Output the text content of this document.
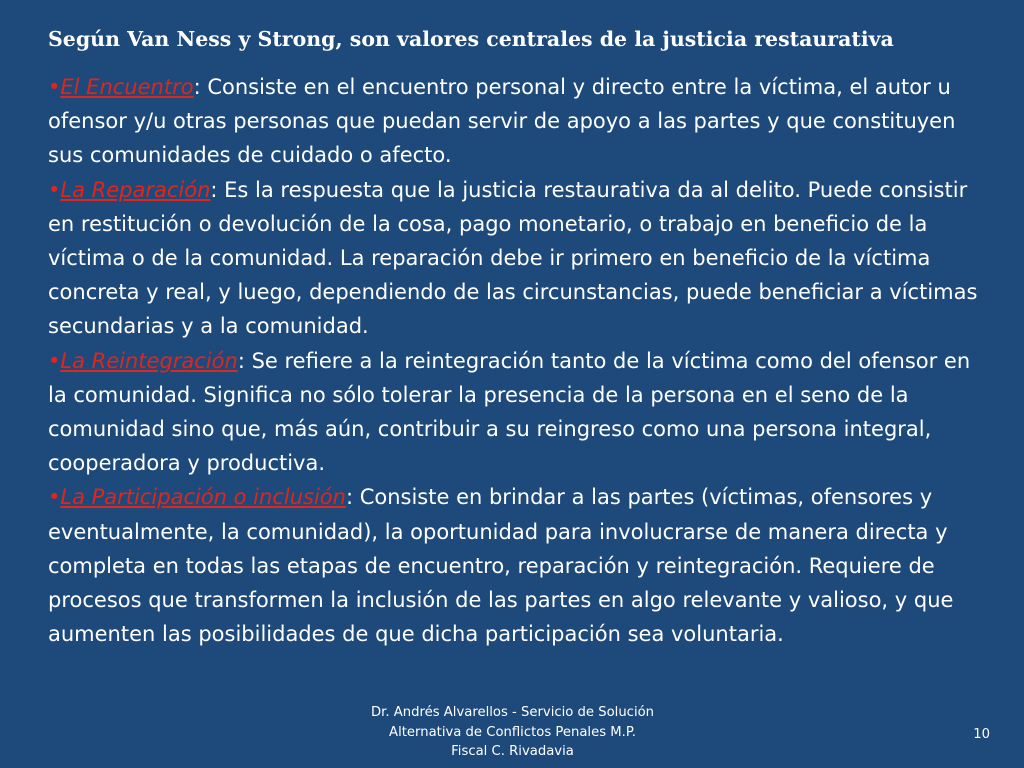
Según Van Ness y Strong, son valores centrales de la justicia restaurativa

•El Encuentro: Consiste en el encuentro personal y directo entre la víctima, el autor u ofensor y/u otras personas que puedan servir de apoyo a las partes y que constituyen sus comunidades de cuidado o afecto.

•La Reparación: Es la respuesta que la justicia restaurativa da al delito. Puede consistir en restitución o devolución de la cosa, pago monetario, o trabajo en beneficio de la víctima o de la comunidad. La reparación debe ir primero en beneficio de la víctima concreta y real, y luego, dependiendo de las circunstancias, puede beneficiar a víctimas secundarias y a la comunidad.

•La Reintegración: Se refiere a la reintegración tanto de la víctima como del ofensor en la comunidad. Significa no sólo tolerar la presencia de la persona en el seno de la comunidad sino que, más aún, contribuir a su reingreso como una persona integral, cooperadora y productiva.

•La Participación o inclusión: Consiste en brindar a las partes (víctimas, ofensores y eventualmente, la comunidad), la oportunidad para involucrarse de manera directa y completa en todas las etapas de encuentro, reparación y reintegración. Requiere de procesos que transformen la inclusión de las partes en algo relevante y valioso, y que aumenten las posibilidades de que dicha participación sea voluntaria.

Dr. Andrés Alvarellos - Servicio de Solución
Alternativa de Conflictos Penales M.P.
Fiscal C. Rivadavia
10
